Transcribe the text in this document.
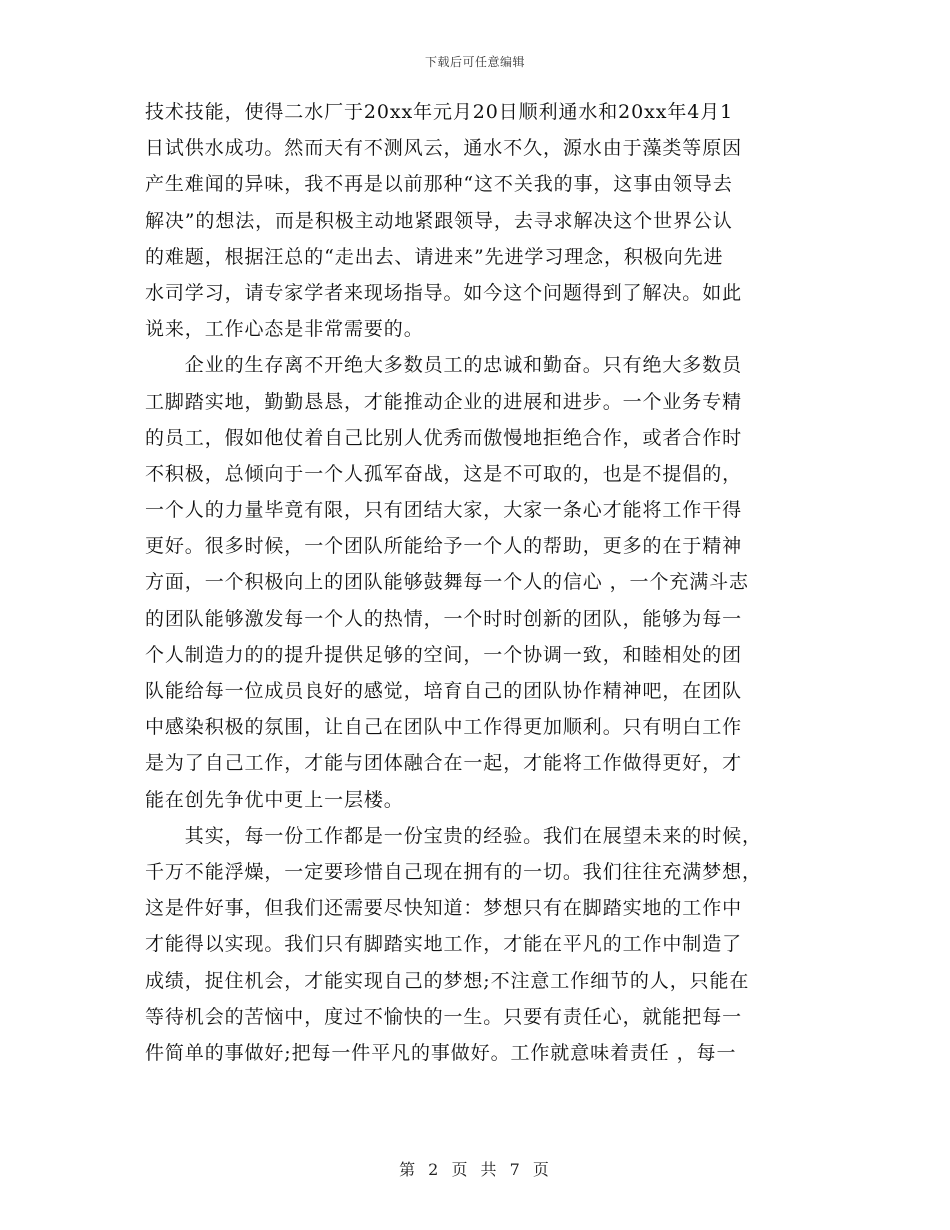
下载后可任意编辑
技术技能，使得二水厂于20xx年元月20日顺利通水和20xx年4月1
日试供水成功。然而天有不测风云，通水不久，源水由于藻类等原因
产生难闻的异味，我不再是以前那种“这不关我的事，这事由领导去
解决”的想法，而是积极主动地紧跟领导，去寻求解决这个世界公认
的难题，根据汪总的“走出去、请进来”先进学习理念，积极向先进
水司学习，请专家学者来现场指导。如今这个问题得到了解决。如此
说来，工作心态是非常需要的。
　　企业的生存离不开绝大多数员工的忠诚和勤奋。只有绝大多数员
工脚踏实地，勤勤恳恳，才能推动企业的进展和进步。一个业务专精
的员工，假如他仗着自己比别人优秀而傲慢地拒绝合作，或者合作时
不积极，总倾向于一个人孤军奋战，这是不可取的，也是不提倡的，
一个人的力量毕竟有限，只有团结大家，大家一条心才能将工作干得
更好。很多时候，一个团队所能给予一个人的帮助，更多的在于精神
方面，一个积极向上的团队能够鼓舞每一个人的信心 ，一个充满斗志
的团队能够激发每一个人的热情，一个时时创新的团队，能够为每一
个人制造力的的提升提供足够的空间，一个协调一致，和睦相处的团
队能给每一位成员良好的感觉，培育自己的团队协作精神吧，在团队
中感染积极的氛围，让自己在团队中工作得更加顺利。只有明白工作
是为了自己工作，才能与团体融合在一起，才能将工作做得更好，才
能在创先争优中更上一层楼。
　　其实，每一份工作都是一份宝贵的经验。我们在展望未来的时候，
千万不能浮燥，一定要珍惜自己现在拥有的一切。我们往往充满梦想，
这是件好事，但我们还需要尽快知道：梦想只有在脚踏实地的工作中
才能得以实现。我们只有脚踏实地工作，才能在平凡的工作中制造了
成绩，捉住机会，才能实现自己的梦想;不注意工作细节的人，只能在
等待机会的苦恼中，度过不愉快的一生。只要有责任心，就能把每一
件简单的事做好;把每一件平凡的事做好。工作就意味着责任 ，每一
第 2 页 共 7 页
